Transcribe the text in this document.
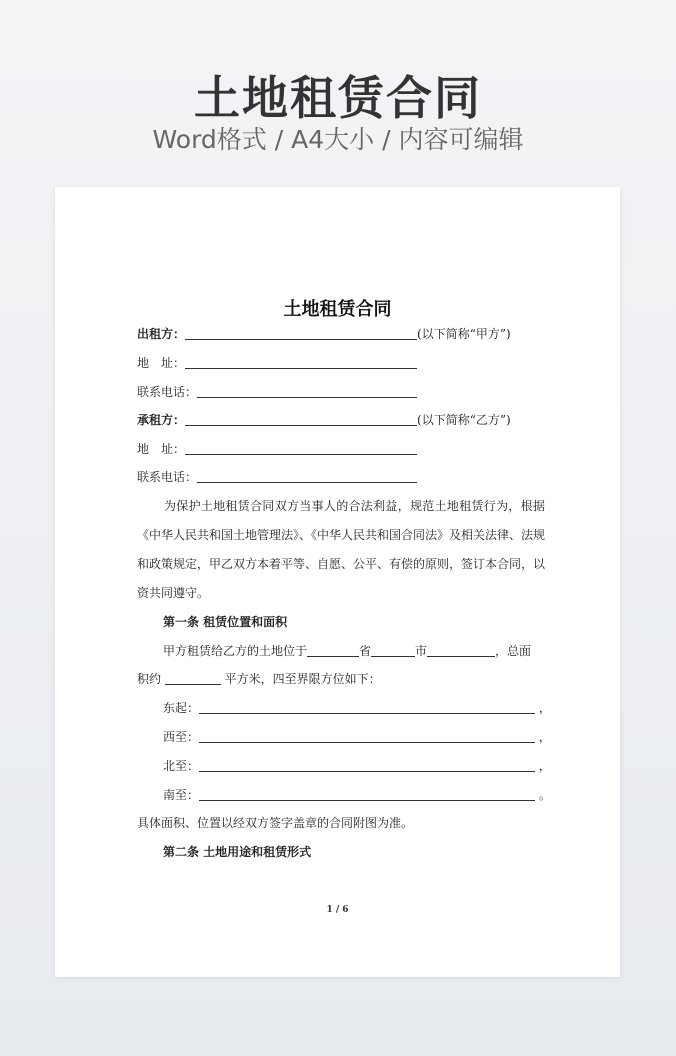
土地租赁合同
Word格式 / A4大小 / 内容可编辑
土地租赁合同
出租方：	(以下简称“甲方”)
地　址：
联系电话：
承租方：	(以下简称“乙方”)
地　址：
联系电话：
为保护土地租赁合同双方当事人的合法利益，规范土地租赁行为，根据《中华人民共和国土地管理法》、《中华人民共和国合同法》及相关法律、法规和政策规定，甲乙双方本着平等、自愿、公平、有偿的原则，签订本合同，以资共同遵守。
第一条 租赁位置和面积
甲方租赁给乙方的土地位于	省	市	，总面
积约	平方米，四至界限方位如下：
东起：	，
西至：	，
北至：	，
南至：	。
具体面积、位置以经双方签字盖章的合同附图为准。
第二条 土地用途和租赁形式
1 / 6
